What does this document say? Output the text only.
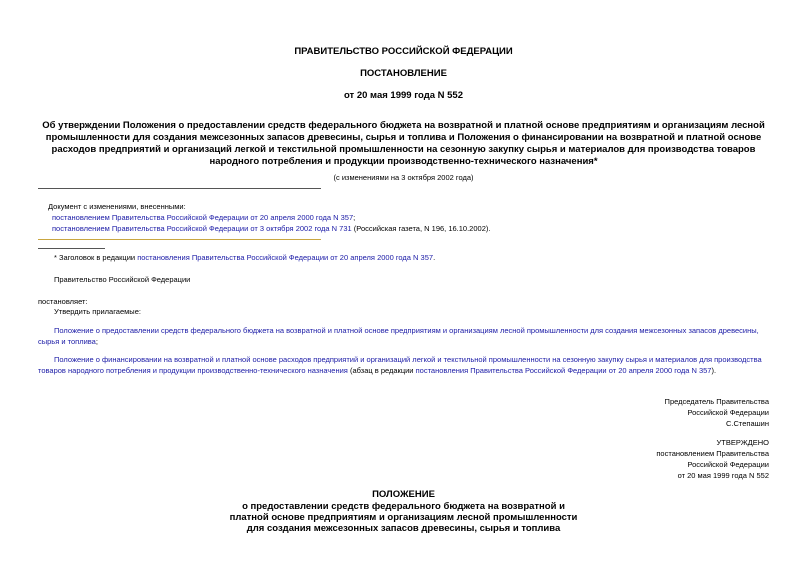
ПРАВИТЕЛЬСТВО РОССИЙСКОЙ ФЕДЕРАЦИИ
ПОСТАНОВЛЕНИЕ
от 20 мая 1999 года N 552
Об утверждении Положения о предоставлении средств федерального бюджета на возвратной и платной основе предприятиям и организациям лесной промышленности для создания межсезонных запасов древесины, сырья и топлива и Положения о финансировании на возвратной и платной основе расходов предприятий и организаций легкой и текстильной промышленности на сезонную закупку сырья и материалов для производства товаров народного потребления и продукции производственно-технического назначения*
(с изменениями на 3 октября 2002 года)
Документ с изменениями, внесенными:
постановлением Правительства Российской Федерации от 20 апреля 2000 года N 357;
постановлением Правительства Российской Федерации от 3 октября 2002 года N 731 (Российская газета, N 196, 16.10.2002).
* Заголовок в редакции постановления Правительства Российской Федерации от 20 апреля 2000 года N 357.
Правительство Российской Федерации
постановляет:
Утвердить прилагаемые:
Положение о предоставлении средств федерального бюджета на возвратной и платной основе предприятиям и организациям лесной промышленности для создания межсезонных запасов древесины, сырья и топлива;
Положение о финансировании на возвратной и платной основе расходов предприятий и организаций легкой и текстильной промышленности на сезонную закупку сырья и материалов для производства товаров народного потребления и продукции производственно-технического назначения (абзац в редакции постановления Правительства Российской Федерации от 20 апреля 2000 года N 357).
Председатель Правительства
Российской Федерации
С.Степашин
УТВЕРЖДЕНО
постановлением Правительства
Российской Федерации
от 20 мая 1999 года N 552
ПОЛОЖЕНИЕ
о предоставлении средств федерального бюджета на возвратной и
платной основе предприятиям и организациям лесной промышленности
для создания межсезонных запасов древесины, сырья и топлива
